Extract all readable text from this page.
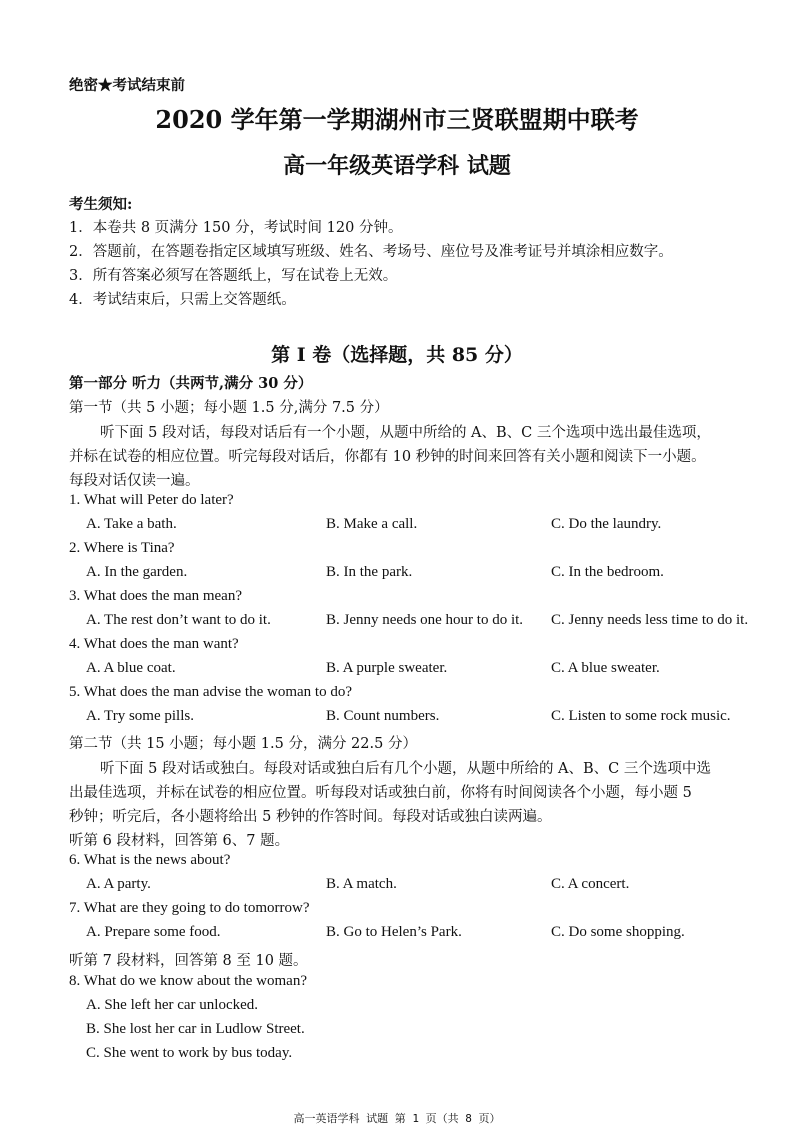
绝密★考试结束前
2020 学年第一学期湖州市三贤联盟期中联考
高一年级英语学科 试题
考生须知:
1．本卷共 8 页满分 150 分，考试时间 120 分钟。
2．答题前，在答题卷指定区域填写班级、姓名、考场号、座位号及准考证号并填涂相应数字。
3．所有答案必须写在答题纸上，写在试卷上无效。
4．考试结束后，只需上交答题纸。
第 I 卷（选择题，共 85 分）
第一部分 听力（共两节,满分 30 分）
第一节（共 5 小题；每小题 1.5 分,满分 7.5 分）
听下面 5 段对话，每段对话后有一个小题，从题中所给的 A、B、C 三个选项中选出最佳选项，
并标在试卷的相应位置。听完每段对话后，你都有 10 秒钟的时间来回答有关小题和阅读下一小题。
每段对话仅读一遍。
1. What will Peter do later?
A. Take a bath.	B. Make a call.	C. Do the laundry.
2. Where is Tina?
A. In the garden.	B. In the park.	C. In the bedroom.
3. What does the man mean?
A. The rest don’t want to do it.	B. Jenny needs one hour to do it. C. Jenny needs less time to do it.
4. What does the man want?
A. A blue coat.	B. A purple sweater.	C. A blue sweater.
5. What does the man advise the woman to do?
A. Try some pills.	B. Count numbers.	C. Listen to some rock music.
第二节（共 15 小题；每小题 1.5 分，满分 22.5 分）
听下面 5 段对话或独白。每段对话或独白后有几个小题，从题中所给的 A、B、C 三个选项中选
出最佳选项，并标在试卷的相应位置。听每段对话或独白前，你将有时间阅读各个小题，每小题 5
秒钟；听完后，各小题将给出 5 秒钟的作答时间。每段对话或独白读两遍。
听第 6 段材料，回答第 6、7 题。
6. What is the news about?
A. A party.	B. A match.	C. A concert.
7. What are they going to do tomorrow?
A. Prepare some food.	B. Go to Helen’s Park.	C. Do some shopping.
听第 7 段材料，回答第 8 至 10 题。
8. What do we know about the woman?
A. She left her car unlocked.
B. She lost her car in Ludlow Street.
C. She went to work by bus today.
高一英语学科 试题 第 1 页（共 8 页）
